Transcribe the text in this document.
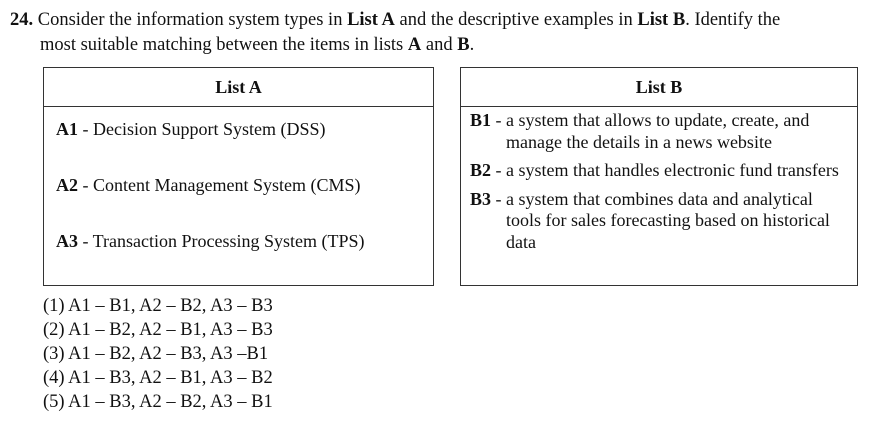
24. Consider the information system types in List A and the descriptive examples in List B. Identify the
most suitable matching between the items in lists A and B.
List A
A1 - Decision Support System (DSS)
A2 - Content Management System (CMS)
A3 - Transaction Processing System (TPS)
List B
B1 - a system that allows to update, create, and manage the details in a news website
B2 - a system that handles electronic fund transfers
B3 - a system that combines data and analytical tools for sales forecasting based on historical data
(1) A1 – B1, A2 – B2, A3 – B3
(2) A1 – B2, A2 – B1, A3 – B3
(3) A1 – B2, A2 – B3, A3 –B1
(4) A1 – B3, A2 – B1, A3 – B2
(5) A1 – B3, A2 – B2, A3 – B1
